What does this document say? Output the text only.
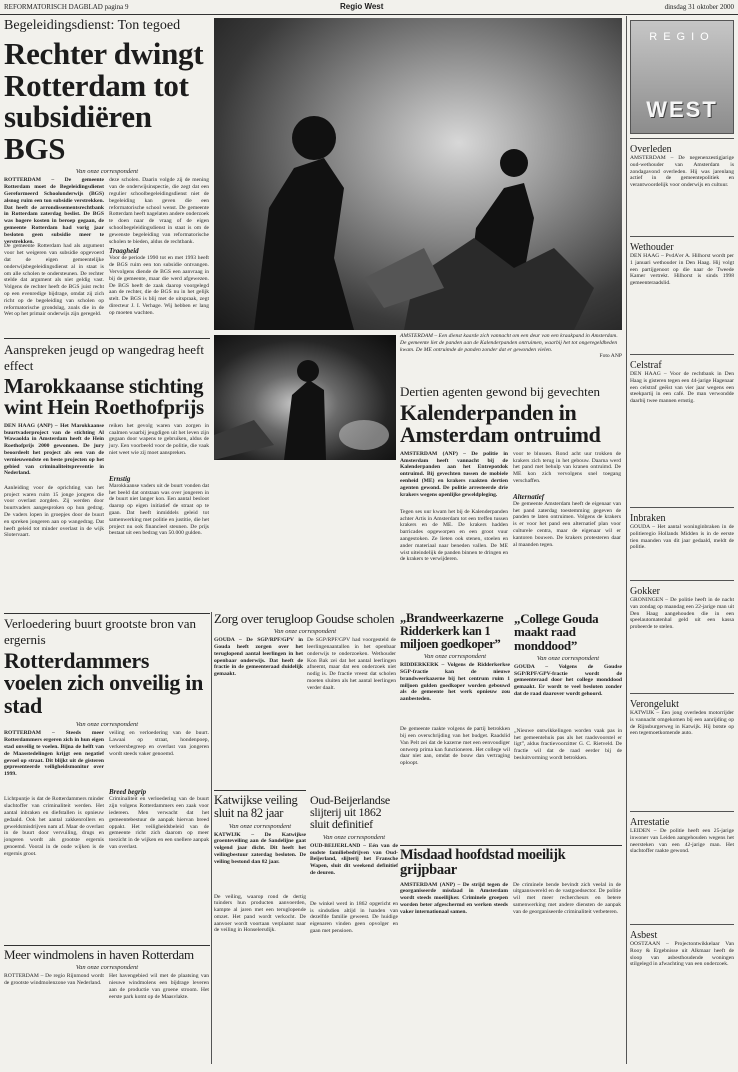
REFORMATORISCH DAGBLAD pagina 9	Regio West	dinsdag 31 oktober 2000
Begeleidingsdienst: Ton tegoed
Rechter dwingt Rotterdam tot subsidiëren BGS
Van onze correspondent
ROTTERDAM – De gemeente Rotterdam moet de Begeleidingsdienst Gereformeerd Schoolonderwijs (BGS) alsnog ruim een ton subsidie verstrekken. Dat heeft de arrondissementsrechtbank in Rotterdam zaterdag beslist. De BGS was hogere kosten in beroep gegaan, de gemeente Rotterdam had vorig jaar besloten geen subsidie meer te verstrekken.
De gemeente Rotterdam had als argument voor het weigeren van subsidie opgevoerd dat de eigen gemeentelijke onderwijsbegeleidingsdienst al in staat is om alle scholen te ondersteunen. De rechter stelde dat argument als niet geldig vast. Volgens de rechter heeft de BGS juist recht op een evenredige bijdrage, omdat zij zich richt op de begeleiding van scholen op reformatorische grondslag, zoals die in de Wet op het primair onderwijs zijn geregeld.
deze scholen. Daarin volgde zij de mening van de onderwijsinspectie, die zegt dat een regulier schoolbegeleidingsdienst niet de begeleiding kan geven die een reformatorische school wenst. De gemeente Rotterdam heeft nagelaten andere onderzoek te doen naar de vraag of de eigen schoolbegeleidingsdienst in staat is om de gewenste begeleiding van reformatorische scholen te bieden, aldus de rechtbank.
Traagheid
Voor de periode 1990 tot en met 1993 heeft de BGS ruim een ton subsidie ontvangen. Vervolgens diende de BGS een aanvraag in bij de gemeente, maar die werd afgewezen. De BGS heeft de zaak daarop voorgelegd aan de rechter, die de BGS nu in het gelijk stelt. De BGS is blij met de uitspraak, zegt directeur J. I. Verhage. Wij hebben er lang op moeten wachten.
AMSTERDAM – Een dienst kaarde zich vannacht om een deur van een kraakpand in Amsterdam. De gemeente liet de panden aan de Kalenderpanden ontruimen, waarbij het tot ongeregeldheden kwam. De ME ontruimde de panden zonder dat er gewonden vielen.
Foto ANP
Dertien agenten gewond bij gevechten
Kalenderpanden in Amsterdam ontruimd
AMSTERDAM (ANP) – De politie in Amsterdam heeft vannacht bij de Kalenderpanden aan het Entrepotdok ontruimd. Bij gevechten tussen de mobiele eenheid (ME) en krakers raakten dertien agenten gewond. De politie arresteerde drie krakers wegens openlijke geweldpleging.
Tegen ses uur kwam het bij de Kalenderpanden achter Artis in Amsterdam tot een treffen tussen krakers en de ME. De krakers hadden barricades opgeworpen en een groot vuur aangestoken. Ze lieten ook stenen, stoelen en ander materiaal naar beneden vallen. De ME wist uiteindelijk de panden binnen te dringen en de krakers te verwijderen.
voor te blussen. Rond acht uur trokken de krakers zich terug in het gebouw. Daarna werd het pand met behulp van kranen ontruimd. De ME kon zich vervolgens snel toegang verschaffen.
Alternatief
De gemeente Amsterdam heeft de eigenaar van het pand zaterdag toestemming gegeven de panden te laten ontruimen. Volgens de krakers is er voor het pand een alternatief plan voor culturele centra, maar de eigenaar wil er kantoren bouwen. De krakers protesteren daar al maanden tegen.
Aanspreken jeugd op wangedrag heeft effect
Marokkaanse stichting wint Hein Roethofprijs
DEN HAAG (ANP) – Het Marokkaanse buurtvaderproject van de stichting Al Wawaolda in Amsterdam heeft de Hein Roethofprijs 2000 gewonnen. De jury beoordeelt het project als een van de vernieuwendste en beste projecten op het gebied van criminaliteitspreventie in Nederland.
Aanleiding voor de oprichting van het project waren ruim 15 jonge jongens die voor overlast zorgden. Zij werden door buurtvaders aangesproken op hun gedrag. De vaders lopen in groepjes door de buurt en spreken jongeren aan op wangedrag. Dat heeft geleid tot minder overlast in de wijk Slotervaart.
reiken het gevolg waren van zorgen in caalmen waarbij jeugdigen uit het leven zijn gegaan door wapens te gebruiken, aldus de jury. Een voorbeeld voor de politie, die vaak niet weet wie zij moet aanspreken.
Ernstig
Marokkaanse vaders uit de buurt vonden dat het beeld dat ontstaan was over jongeren in de buurt niet langer kon. Een aantal besloot daarop op eigen initiatief de straat op te gaan. Dat heeft inmiddels geleid tot samenwerking met politie en justitie, die het project nu ook financieel steunen. De prijs bestaat uit een bedrag van 50.000 gulden.
Verloedering buurt grootste bron van ergernis
Rotterdammers voelen zich onveilig in stad
Van onze correspondent
ROTTERDAM – Steeds meer Rotterdammers ergeren zich in hun eigen stad onveilig te voelen. Bijna de helft van de Maasstedelingen krijgt een negatief gevoel op straat. Dit blijkt uit de gisteren gepresenteerde veiligheidsmonitor over 1999.
Lichtpuntje is dat de Rotterdammers minder slachtoffer van criminaliteit werden. Het aantal inbraken en diefstallen is opnieuw gedaald. Ook het aantal zakkenrollers en geweldsmisdrijven nam af. Maar de overlast in de buurt door vervuiling, drugs en jongeren wordt als grootste ergernis genoemd. Vooral in de oude wijken is de ergernis groot.
veiling en verloedering van de buurt. Lawaai op straat, hondenpoep, verkeersbegreep en overlast van jongeren wordt steeds vaker genoemd.
Breed begrip
Criminaliteit en verloedering van de buurt zijn volgens Rotterdammers een zaak voor iedereen. Men verwacht dat het gemeentebestuur de aanpak hiervan breed oppakt. Het veiligheidsbeleid van de gemeente richt zich daarom op meer toezicht in de wijken en een snellere aanpak van overlast.
Meer windmolens in haven Rotterdam
Van onze correspondent
ROTTERDAM – De regio Rijnmond wordt de grootste windmolenzone van Nederland.
Het havengebied wil met de plaatsing van nieuwe windmolens een bijdrage leveren aan de productie van groene stroom. Het eerste park komt op de Maasvlakte.
Zorg over terugloop Goudse scholen
Van onze correspondent
GOUDA – De SGP/RPF/GPV in Gouda heeft zorgen over het teruglopend aantal leerlingen in het openbaar onderwijs. Dat heeft de fractie in de gemeenteraad duidelijk gemaakt.
De SGP/RPF/GPV had voorgesteld de leerlingenaantallen in het openbaar onderwijs te onderzoeken. Wethouder Kon Bak zei dat het aantal leerlingen afneemt, maar dat een onderzoek niet nodig is. De fractie vreest dat scholen moeten sluiten als het aantal leerlingen verder daalt.
Katwijkse veiling sluit na 82 jaar
Van onze correspondent
KATWIJK – De Katwijkse groenteveiling aan de Sandelijne gaat volgend jaar dicht. Dit heeft het veilingbestuur zaterdag besloten. De veiling bestond dan 82 jaar.
De veiling, waarop rond de dertig tuinders hun producten aanvoerden, kampte al jaren met een teruglopende omzet. Het pand wordt verkocht. De aanvoer wordt voortaan verplaatst naar de veiling in Honselersdijk.
Oud-Beijerlandse slijterij uit 1862 sluit definitief
Van onze correspondent
OUD-BEIJERLAND – Eén van de oudste familiebedrijven van Oud-Beijerland, slijterij het Fransche Wapen, sluit dit weekend definitief de deuren.
De winkel werd in 1862 opgericht en is sindsdien altijd in handen van dezelfde familie geweest. De huidige eigenaren vinden geen opvolger en gaan met pensioen.
„Brandweerkazerne Ridderkerk kan 1 miljoen goedkoper”
Van onze correspondent
RIDDERKERK – Volgens de Ridderkerkse SGP-fractie kan de nieuwe brandweerkazerne bij het centrum ruim 1 miljoen gulden goedkoper worden gebouwd als de gemeente het werk opnieuw zou aanbesteden.
De gemeente raakte volgens de partij betrokken bij een overschrijding van het budget. Raadslid Van Pelt zei dat de kazerne met een eenvoudiger ontwerp prima kan functioneren. Het college wil daar niet aan, omdat de bouw dan vertraging oploopt.
„College Gouda maakt raad monddood”
Van onze correspondent
GOUDA – Volgens de Goudse SGP/RPF/GPV-fractie wordt de gemeenteraad door het college monddood gemaakt. Er wordt te veel besloten zonder dat de raad daarover wordt gehoord.
„Nieuwe ontwikkelingen worden vaak pas in het gemeentehuis pas als het raadsvoorstel er ligt”, aldus fractievoorzitter G. C. Rietveld. De fractie wil dat de raad eerder bij de besluitvorming wordt betrokken.
Misdaad hoofdstad moeilijk grijpbaar
AMSTERDAM (ANP) – De strijd tegen de georganiseerde misdaad in Amsterdam wordt steeds moeilijker. Criminele groepen worden beter afgeschermd en werken steeds vaker internationaal samen.
De criminele bende bevindt zich veelal in de uitgaanswereld en de vastgoedsector. De politie wil met meer rechercheurs en betere samenwerking met andere diensten de aanpak van de georganiseerde criminaliteit verbeteren.
REGIO
WEST
Overleden
AMSTERDAM – De negenenzestigjarige oud-wethouder van Amsterdam is zondagavond overleden. Hij was jarenlang actief in de gemeentepolitiek en verantwoordelijk voor onderwijs en cultuur.
Wethouder
DEN HAAG – PvdA'er A. Hilhorst wordt per 1 januari wethouder in Den Haag. Hij volgt een partijgenoot op die naar de Tweede Kamer vertrekt. Hilhorst is sinds 1998 gemeenteraadslid.
Celstraf
DEN HAAG – Voor de rechtbank in Den Haag is gisteren tegen een 44-jarige Hagenaar een celstraf geëist van vier jaar wegens een steekpartij in een café. De man verwondde daarbij twee mannen ernstig.
Inbraken
GOUDA – Het aantal woninginbraken in de politieregio Hollands Midden is in de eerste tien maanden van dit jaar gedaald, meldt de politie.
Gokker
GRONINGEN – De politie heeft in de nacht van zondag op maandag een 22-jarige man uit Den Haag aangehouden die in een speelautomatenhal geld uit een kassa probeerde te stelen.
Verongelukt
KATWIJK – Een jong overleden motorrijder is vannacht omgekomen bij een aanrijding op de Rijnsburgerweg in Katwijk. Hij botste op een tegemoetkomende auto.
Arrestatie
LEIDEN – De politie heeft een 25-jarige inwoner van Leiden aangehouden wegens het neersteken van een 42-jarige man. Het slachtoffer raakte gewond.
Asbest
OOSTZAAN – Projectontwikkelaar Van Rooy & Ergebnisse uit Alkmaar heeft de sloop van asbesthoudende woningen stilgelegd in afwachting van een onderzoek.
